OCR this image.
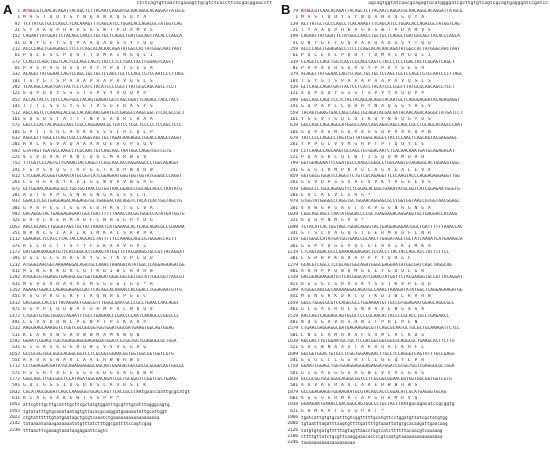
A	ctctcagtgttaactcgaaagttgcgtctcaccttcacgacggaacctt
1 ATGGCGTCAACACAGATTACAGCTCTTACAATCAGGATGCAACAGGCACAGGATTATGCG
1 M A S T Q D Y S Y N Q A N A Q G Q Y A
92 TCTTATGCTGCCCAGCCTCACAAAGTTTCAGCATCCTGGACACCAGACGCTATGGTCAG
21 S Y A A Q P H K V S A S W T P D A M V S
152 CAGAATTATGGATTCTACAGCCAACCTGCTGCTCAGGCTGATGGCAGTTACACCCAGCA
41 Q N Y G F Y S Q P A A Q A D G S Y T Q Q
212 ACCCCAGCTGGAGAGCCTTCCTCAGCACACAACAGATATGGCCATTATGGGCAACTAAT
61 P Q L E S L P Q H T T D M A I M G Q L I
272 CCAGTCCAGCTGGTCACTCGCAGCCAGTCTACCCTCCTGACTACTCGGAGTCAGCT
81 P A S P A G H S Q P V Y P P D Y S E S A
332 ACAGGTTATGGAACCAGTCCAGCTGCTGCTCCAGCTGCTCCAGCTGTCCAATCCCTTAGC
101 T G Y G T S P A A A P A A P A V Q S L S
392 TCACAGCCAGATGATTACTCCTCATCTACATCCCCGGTTTATGCGCAGCAGCCTCCT
121 S Q P D D Y S S S T S P V Y A Q Q P P
452 ACCACTACTCTATCCAGTGGCTACAGTGAGACGGTCAGCGGATTCAGAGCTAGCTACT
141 T T T L S S G Y S E T V S G F R A S Y S
512 AGCCAGTCTCAAAGCACCGCCACAACAACGAATGTCGAGGCCAAGCGGCTTCACGCCGCT
161 S Q S Q S T A T T T N V E A K R L H A A
572 GGCCCCACTACAGGCCAGCTCGCCAGGAAACGCTCATCCTCGCTCCCCCTCCAGCTCCC
181 G P T T G Q L A R K R S S S L P L Q L P
632 AGGCGTTTGGCCTCAGTCGCCCAGGCAGCTGCTAGACAAGAGGCTGGACCAAGCCAGGT
201 R R L A S V A Q A A A R Q E A G P S Q V
692 GTATAGTTGATGCCAAGCCTCGCAACTGTCAGCAGCTAATGGCCAGGTGGTCGTG
221 V I V D A K P R N C Q Q L M A R W S V
752 TTTGGTCCCAGTGTTCAAAGTACCAGGTTCGGCAGCACCAGGAGGCCCTGGCAGAGGT
241 F G P S V Q S T R F G S T R R P W Q R W
812 CTCGGACACGGGTGAAATATGCGGTCATCGGAGAATGGGTGGTGGTATGGGGCCCAGGT
261 L G H G V K Y A V I G E W V V V W G P G
872 GCTGGAACAGGAGCGCCTGGTGGTAACCGTGGTAACGGAGCCGGCAGCAGCCTAATATG
281 A G T G A P G G N R G N G A G S S L I
932 GGACCCCGCTGAGGAGACAGGAGGTGCTGAGGACCACAGGTCTACATCACTGGTAGCTG
301 G P R P E E T G G A E D H R S T S L V A
992 GACAGGGTACTGAGGAGAGAATGGCTGATTTTTTAAACCACGGTGGGCCATATGATGGTG
321 D R V L R E R M A D F L N H G G P Y D G
1052 AACCGCAACTTGGGATAGCTGCTATTAAAATCATGAAAGCACTCAGCAGACGCCCGAAAA
351 N R N L G I A A I K I M K A L S R R P K
1112 GGAGAGCTCCACCTTACTACCAGCACCTATTTTTCCAAAGCAGCCGTGGGACCACTT
371 R E L H L T T S T Y F S K A A V G P L
1172 GATGGAGAAGGATGTTCACGGGCATCGAAGTATGGTTCTACGAAGGTGCCGTTACAGGAT
391 D G E G C S R A S K Y G S T K V P L Q D
1232 ATGGGCAACGGTAAAAAGGACAGATGCCAAACTAAAGATATATGGCTCAGGAGAAGATGG
411 M G N G K K D R C Q T K D I W L R R R W
1292 ATGGGCGTGGAGGTGAGGGCGGTGGTGGAGATGGGCGGCGGTGGTATTGGCGGTTAGCGT
431 M G V E V R A V V E M G G G G I G G * R
1352 AGAAGTGGACCCAGAGGAGAGCGATTCACAGCACAAAACCACGGACCTGGAGAATGTTG
451 R S G P R G E R F T A Q N H G P G E C
1412 GACGGGCCACCGTTACAGGACTGGGCGTTTGGGCGAATGCCCGCCTGAACCAACAGGT
471 D G P P L Q D W A F G R M P A L N Q Q V
1472 CTGGGTGTGGTGGACCAGAATTTGCCTGAGAACCCGACCCCAATCAAAGCCCGGCCCC
491 L G V V D Q N L P E N P T P I K A R P
1532 AAGGAAGCAAAGGTCTGGTCGCGGCGGTGGTGGATGGCGATGAAGTGGCAGTGGAG
511 K E A K V W S R R W W M A M K W Q W
1592 GGAATCGGAGCTGGTGGAGGAGGGAGAGGATGGATCGTGGTGGTCGAGGGCGCTGGA
531 G I G A G G G G R G W I V V V E G A G
1652 GCCGCGGTGGCGGGCAGGGCGGTCCTCGCGGCGGAACGGTGGTGGCGGTGGTCGTG
551 A A V A G R A V L A A E R W W R W S
1712 CCTGGAGGACGATATGCAGAGGAGGGCGGCAGTGGAGACGGCGGCGCGGGGCAGTGGCGC
571 P G G R Y A E E G G S G D G G A G Q W R
1772 GGGCAGCTTGGCGGCTCCATAGATGGCGACAGATCGCTGCGGGTTCGGTCGCTGAAG
591 G Q L G G S I D G D R S L R V R S L K
1832 CGCATAGCGGGATCAGCCAAGGGGTGGACCAGTTCACCGCCTAAtgaaccaattgcgcatgt
611 R I A G S A K G W T S S P P *
1852 attcgtttgcttgcatttgcttcgctatgtggatttgcgtttgcatttagggcagtg
1955 tgtatatttgtgcaaataatagtgttacacgcaaggatgaaaaatattgcattggt
2022 ctgtattttttgtatgaatagctgcgtcaaatctgaaaaaaaaaaaaaaaaaa
2142 tataaaataaaagaaaaaatatgtttatctttggcgattttccagtcgag
2236 tttaacttcgaaagtaaataagagaattcagtc
B	agcagtggtatcaacgcagagtacatggggatcgcttgtgtcagtcgcagtgagggatccgatcc
79 ATGGCGTCAACACAGATTACAGCTCTTACAATCAGGATGCAACAGGCACAGGATTATGCG
1 M A S T Q D Y S Y N Q A N A Q G Q Y A
139 ACTTATGCTGCCCAGCCTCACAAAGTTTCAGCATCCTGGACACCAGACGCTATGGTCAG
21 T Y A A Q P H K V S A S W T P D A M V S
199 CAGAATTATGGATTCTATGGCCAACCTGCTGCTCAGGCTGATGGCAGTTACACCCAGCA
41 Q N Y G F Y G Q P A A Q A D G S Y T Q Q
259 ACCCCAGCTGGAGAGCCTTCCTCAGCACACAACAGATATGGCCATTATGGGCAACTAAT
61 P Q L E S L P Q H T T D M A I M G Q L I
319 CCAGCTCCAGCTGGTCACTCGCAGCCAGTCTACCCTCCTGACTACTCGGAGTCAGCT
81 P A P A G H S Q P V Y P P D Y S E S A
379 ACAGGTTATGGAACCAGTCCAGCTGCTGCTCCAGCTGCTCCAGCTGTCCAATCCCTTAGC
101 T G Y G T S P A A A P A A P A V Q S L S
439 GCTCAGCCAGATGATTACTCCTCATCTACATCCCCGGTTTATGCGCAGCAGCCTCCT
121 A Q P D D Y S S S T S P V Y A Q Q P P
499 GGCCAGCCAGCTCCTCTACTACAGCACAGGTACAATGCTCAGGGAGGATACAGAGAGGT
141 G Q P A P L L Q H R Y N A Q G G Y R E V
559 TACAGTGAAGTGACCAGCCAGCTGCAGATACGACAATACAACAGACAGGGCTATGATTCT
161 Y S E V T S Q L Q I R Q Y N R Q G Y D S
619 GGCCAGCCAGCAGGCATGGGCCAACCAGCAGGCAGCCAGCCGCCTGCAGCACAGCCCAAT
181 G Q P A G M G Q P A G S Q P P A A Q P N
679 TATCCCCCAGGCCTAGTCGTTATGGGCAGGCCTACTCCAACTCAGCAGTACGAGGAGC
201 Y P P G L V V M G R P T P T Q Q Y E E
739 CCTCAAGCCAGCAAGTGCCAGCTGTGGACAATCTCACAACAAATGATGCAGAGACAT
221 P Q A S K C Q L W T I S Q Q M M Q R H
799 GGTGGAGGAATTCGGATGCCCAAGCCGGGCCTGGCAGGCGTAGAGGCACTGGAGGTGGC
241 G G G I R M P K P G L A G V E A L E V A
859 GGTGGCGTGGATCCAGGTTCTGTCGCAGAGGTTCCCAAGTACCCAGGAGAGGAGGTTGG
261 G G V D P G S V A E V P K Y P G E E V G
919 GAGGCCCTGGCAGAGGTTCTCGGACACGGGTGAAATATGCGGTCATCGGAGAATGGGTG
281 E A L A E V L G H G *
979 GTGGTATGGGGCCCAGGTGCTGGAACAGGAGCGCCTGGTGGTAACCGTGGTAACGGAGC
301 V V W G P G A G T G A P G G N R G N G A
1039 CGGCAGCAGCCTAATATGGGACCCCGCTGAGGAGACAGGAGGTGCTGAGGACCACAGG
321 R Q Q P N M G P R *
1099 TCTACATCACTGGTAGCTGGACAGGGTACTGAGGAGAGAATGGCTGATTTTTTAAACCAC
341 S T S L V A G Q G T E E R M A D F L N H
1159 GGTGGGCCATATGATGGTGAACCGCAACTTGGGATAGCTGCTATTAAAATCATGAAAGCA
361 G G P Y D G E P Q L G I A A I K I M K A
1219 CTCAGCAGACGCCCGAAAAGGAGAGCTCCACCTTACTACCAGCACCTATTTTTCC
381 L S R R P K R R A P P Y Y Q H L F
1279 GCACGTCGGCCTCCGCAGTGGCAGATGGGCGAGGAATATGGCGATCAGCTAGGCAG
401 A R R P P Q W Q M G E E Y G D Q L G R
1339 GACGGAGAAGGATGTTCACGGGCATCGAAGTATGGTTCTACGAAGGTGCCGTTACAGGAT
421 D G E G C S R A S K Y G S T K V P L Q D
1399 ATGGGCAACGGTAAAAAGGACAGATGCCAAACTAAAGATATATGGCTCAGGAGAAGATGG
441 M G N G K K D R C Q T K D I W L R R R W
1459 GGCCTGGGCGCGTCCAGGCGCCTGGAAAATGTTGCCGTGGAGAATGGAGCAGGCGCC
461 G L G A S R R L E N V A V E N G A G A
1519 AACCAGTCAGGAGCAGTGCGCTCCCGCAACATTACCCCGCACCTGCCTGAGAACC
481 N Q S G A V R S R N I T P H L P E N
1579 CTGAACGAGGAGGCGATGAGAAGAGCGTTCAGCGCAATGCTGCGCTGCAAAGATTCTCC
501 L N E E A M R R A F S A M L R C K D S
1639 AGCGACTTGTGGAATGCTGCTTCGACGGCGGCGGCGCAGGCGCTGAAGCACTTCTTG
521 S D L W N A A S T A A A Q A L K H F L
1699 GGCGGTGGACTGTGCCTCGGTGGAAGAACTTGCCTCCAGGGTCAGTATTTGCCGAGG
541 G G G L C L G G R T C L Q G Q Y L P R
1759 GGAATCGGAGCTGGTGGAGGAGGGAGAGGATGGATCGTGGTGGTCGAGGGCGCTGGA
561 G I G A G G G G R G W I V V V E G A G
1819 GCCGCGGTGGCGGGCAGGGCGGTCCTCGCGGCGGAACGGTGGTGGCGGTGGTCGTG
581 A A V A G R A V L A A E R W W R W S
1879 GCCGGAGAAGGTGGAAGAATGCGTACAGCACCCGGACATCGCATGAGGGTGCAG
601 A G E G G R M R T A P G H R M R V Q
1939 GGAAGAATGAAACCGACGGGCAGTGGCCCTGCTACTTAAtgacagacatccgcggtg
621 G R M K P T G S G P A T *
1966 tgatcattgtgtgcatttgtcggtttttgcatgttcctggatgttatcgctatgtgg
2066 tgtaatttagatttaagtgttttgattttgtaaattatgtgcacaagattgaacaag
2126 tatgtgtgatgtttttagtagttaacctagtcatcttttttacaacgtcaaaaag
2186 cttttgttatctgcgttcaaggaaacaccccgtcaatgtaaaaaaaaaaaaaaaa
2246 taaaaaaaaaaaaaaaaaaaa
